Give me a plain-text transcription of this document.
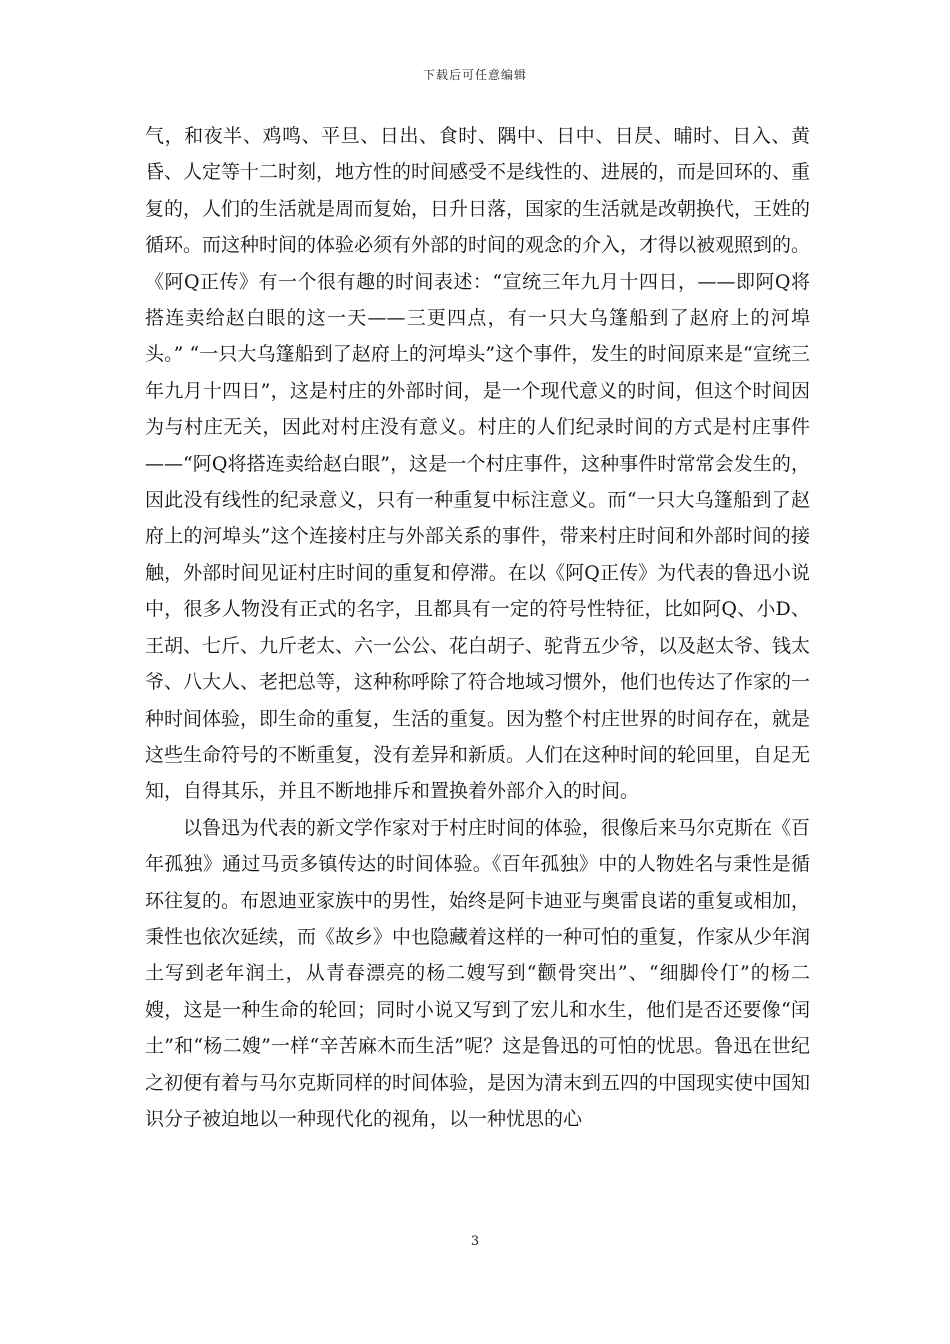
下载后可任意编辑

气，和夜半、鸡鸣、平旦、日出、食时、隅中、日中、日昃、晡时、日入、黄昏、人定等十二时刻，地方性的时间感受不是线性的、进展的，而是回环的、重复的，人们的生活就是周而复始，日升日落，国家的生活就是改朝换代，王姓的循环。而这种时间的体验必须有外部的时间的观念的介入，才得以被观照到的。《阿Q正传》有一个很有趣的时间表述：“宣统三年九月十四日，——即阿Q将搭连卖给赵白眼的这一天——三更四点，有一只大乌篷船到了赵府上的河埠头。” “一只大乌篷船到了赵府上的河埠头”这个事件，发生的时间原来是“宣统三年九月十四日”，这是村庄的外部时间，是一个现代意义的时间，但这个时间因为与村庄无关，因此对村庄没有意义。村庄的人们纪录时间的方式是村庄事件——“阿Q将搭连卖给赵白眼”，这是一个村庄事件，这种事件时常常会发生的，因此没有线性的纪录意义，只有一种重复中标注意义。而“一只大乌篷船到了赵府上的河埠头”这个连接村庄与外部关系的事件，带来村庄时间和外部时间的接触，外部时间见证村庄时间的重复和停滞。在以《阿Q正传》为代表的鲁迅小说中，很多人物没有正式的名字，且都具有一定的符号性特征，比如阿Q、小D、王胡、七斤、九斤老太、六一公公、花白胡子、驼背五少爷，以及赵太爷、钱太爷、八大人、老把总等，这种称呼除了符合地域习惯外，他们也传达了作家的一种时间体验，即生命的重复，生活的重复。因为整个村庄世界的时间存在，就是这些生命符号的不断重复，没有差异和新质。人们在这种时间的轮回里，自足无知，自得其乐，并且不断地排斥和置换着外部介入的时间。

以鲁迅为代表的新文学作家对于村庄时间的体验，很像后来马尔克斯在《百年孤独》通过马贡多镇传达的时间体验。《百年孤独》中的人物姓名与秉性是循环往复的。布恩迪亚家族中的男性，始终是阿卡迪亚与奥雷良诺的重复或相加，秉性也依次延续，而《故乡》中也隐藏着这样的一种可怕的重复，作家从少年润土写到老年润土，从青春漂亮的杨二嫂写到“颧骨突出”、“细脚伶仃”的杨二嫂，这是一种生命的轮回；同时小说又写到了宏儿和水生，他们是否还要像“闰土”和“杨二嫂”一样“辛苦麻木而生活”呢？这是鲁迅的可怕的忧思。鲁迅在世纪之初便有着与马尔克斯同样的时间体验，是因为清末到五四的中国现实使中国知识分子被迫地以一种现代化的视角，以一种忧思的心

3
